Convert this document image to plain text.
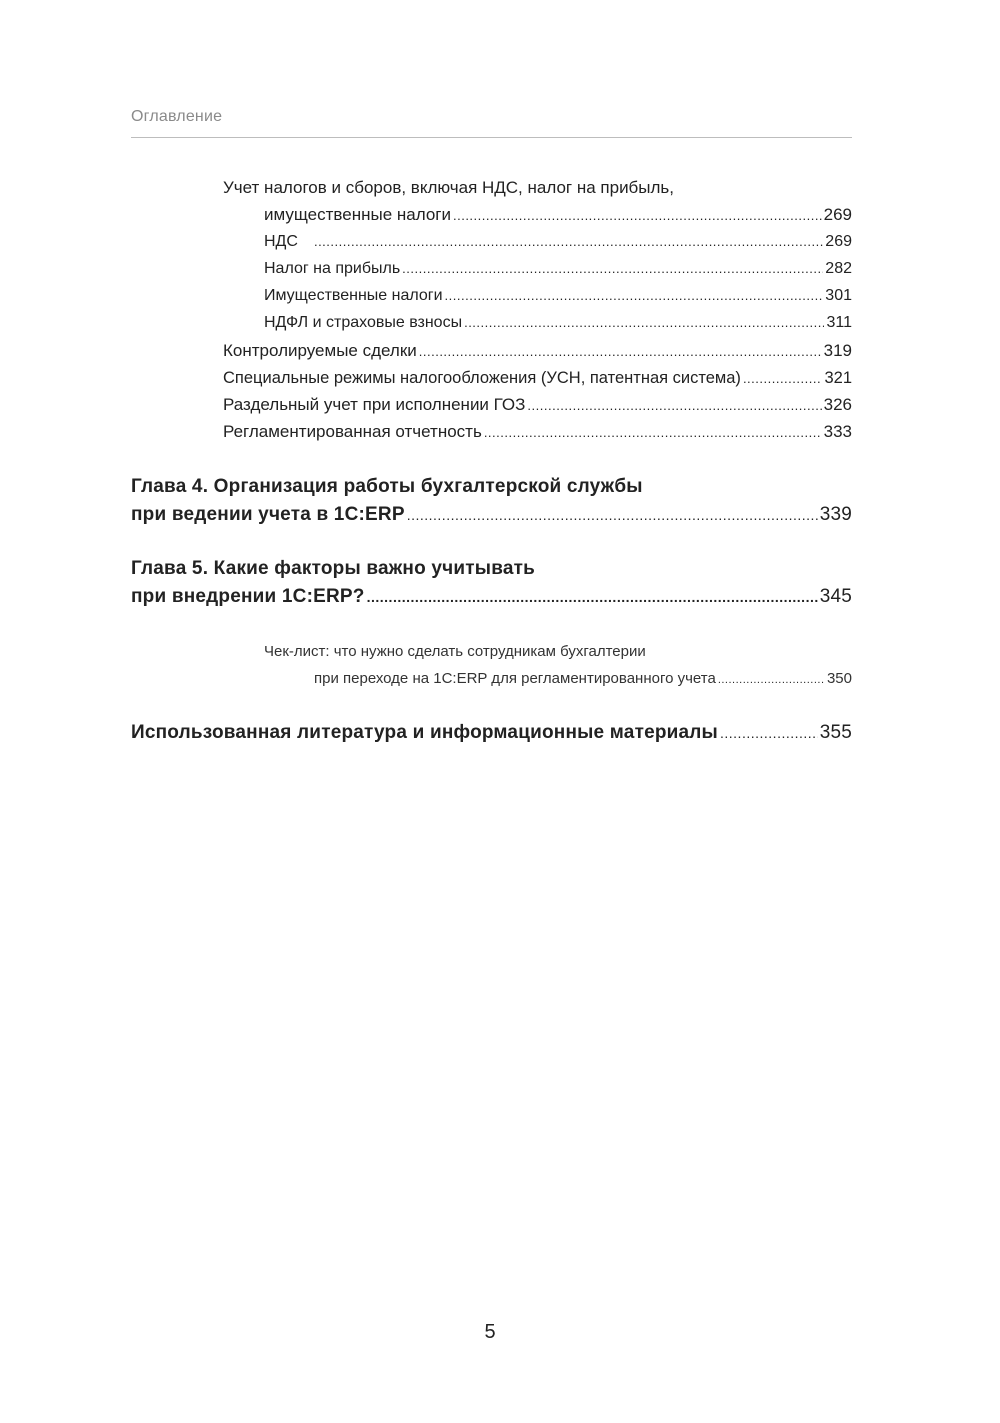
Оглавление
Учет налогов и сборов, включая НДС, налог на прибыль,
имущественные налоги .....	269
НДС .....	269
Налог на прибыль .....	282
Имущественные налоги .....	301
НДФЛ и страховые взносы .....	311
Контролируемые сделки .....	319
Специальные режимы налогообложения (УСН, патентная система) .....	321
Раздельный учет при исполнении ГОЗ .....	326
Регламентированная отчетность .....	333
Глава 4. Организация работы бухгалтерской службы
при ведении учета в 1С:ERP .....	339
Глава 5. Какие факторы важно учитывать
при внедрении 1С:ERP? .....	345
Чек-лист: что нужно сделать сотрудникам бухгалтерии
при переходе на 1С:ERP для регламентированного учета .....	350
Использованная литература и информационные материалы .....	355
5
